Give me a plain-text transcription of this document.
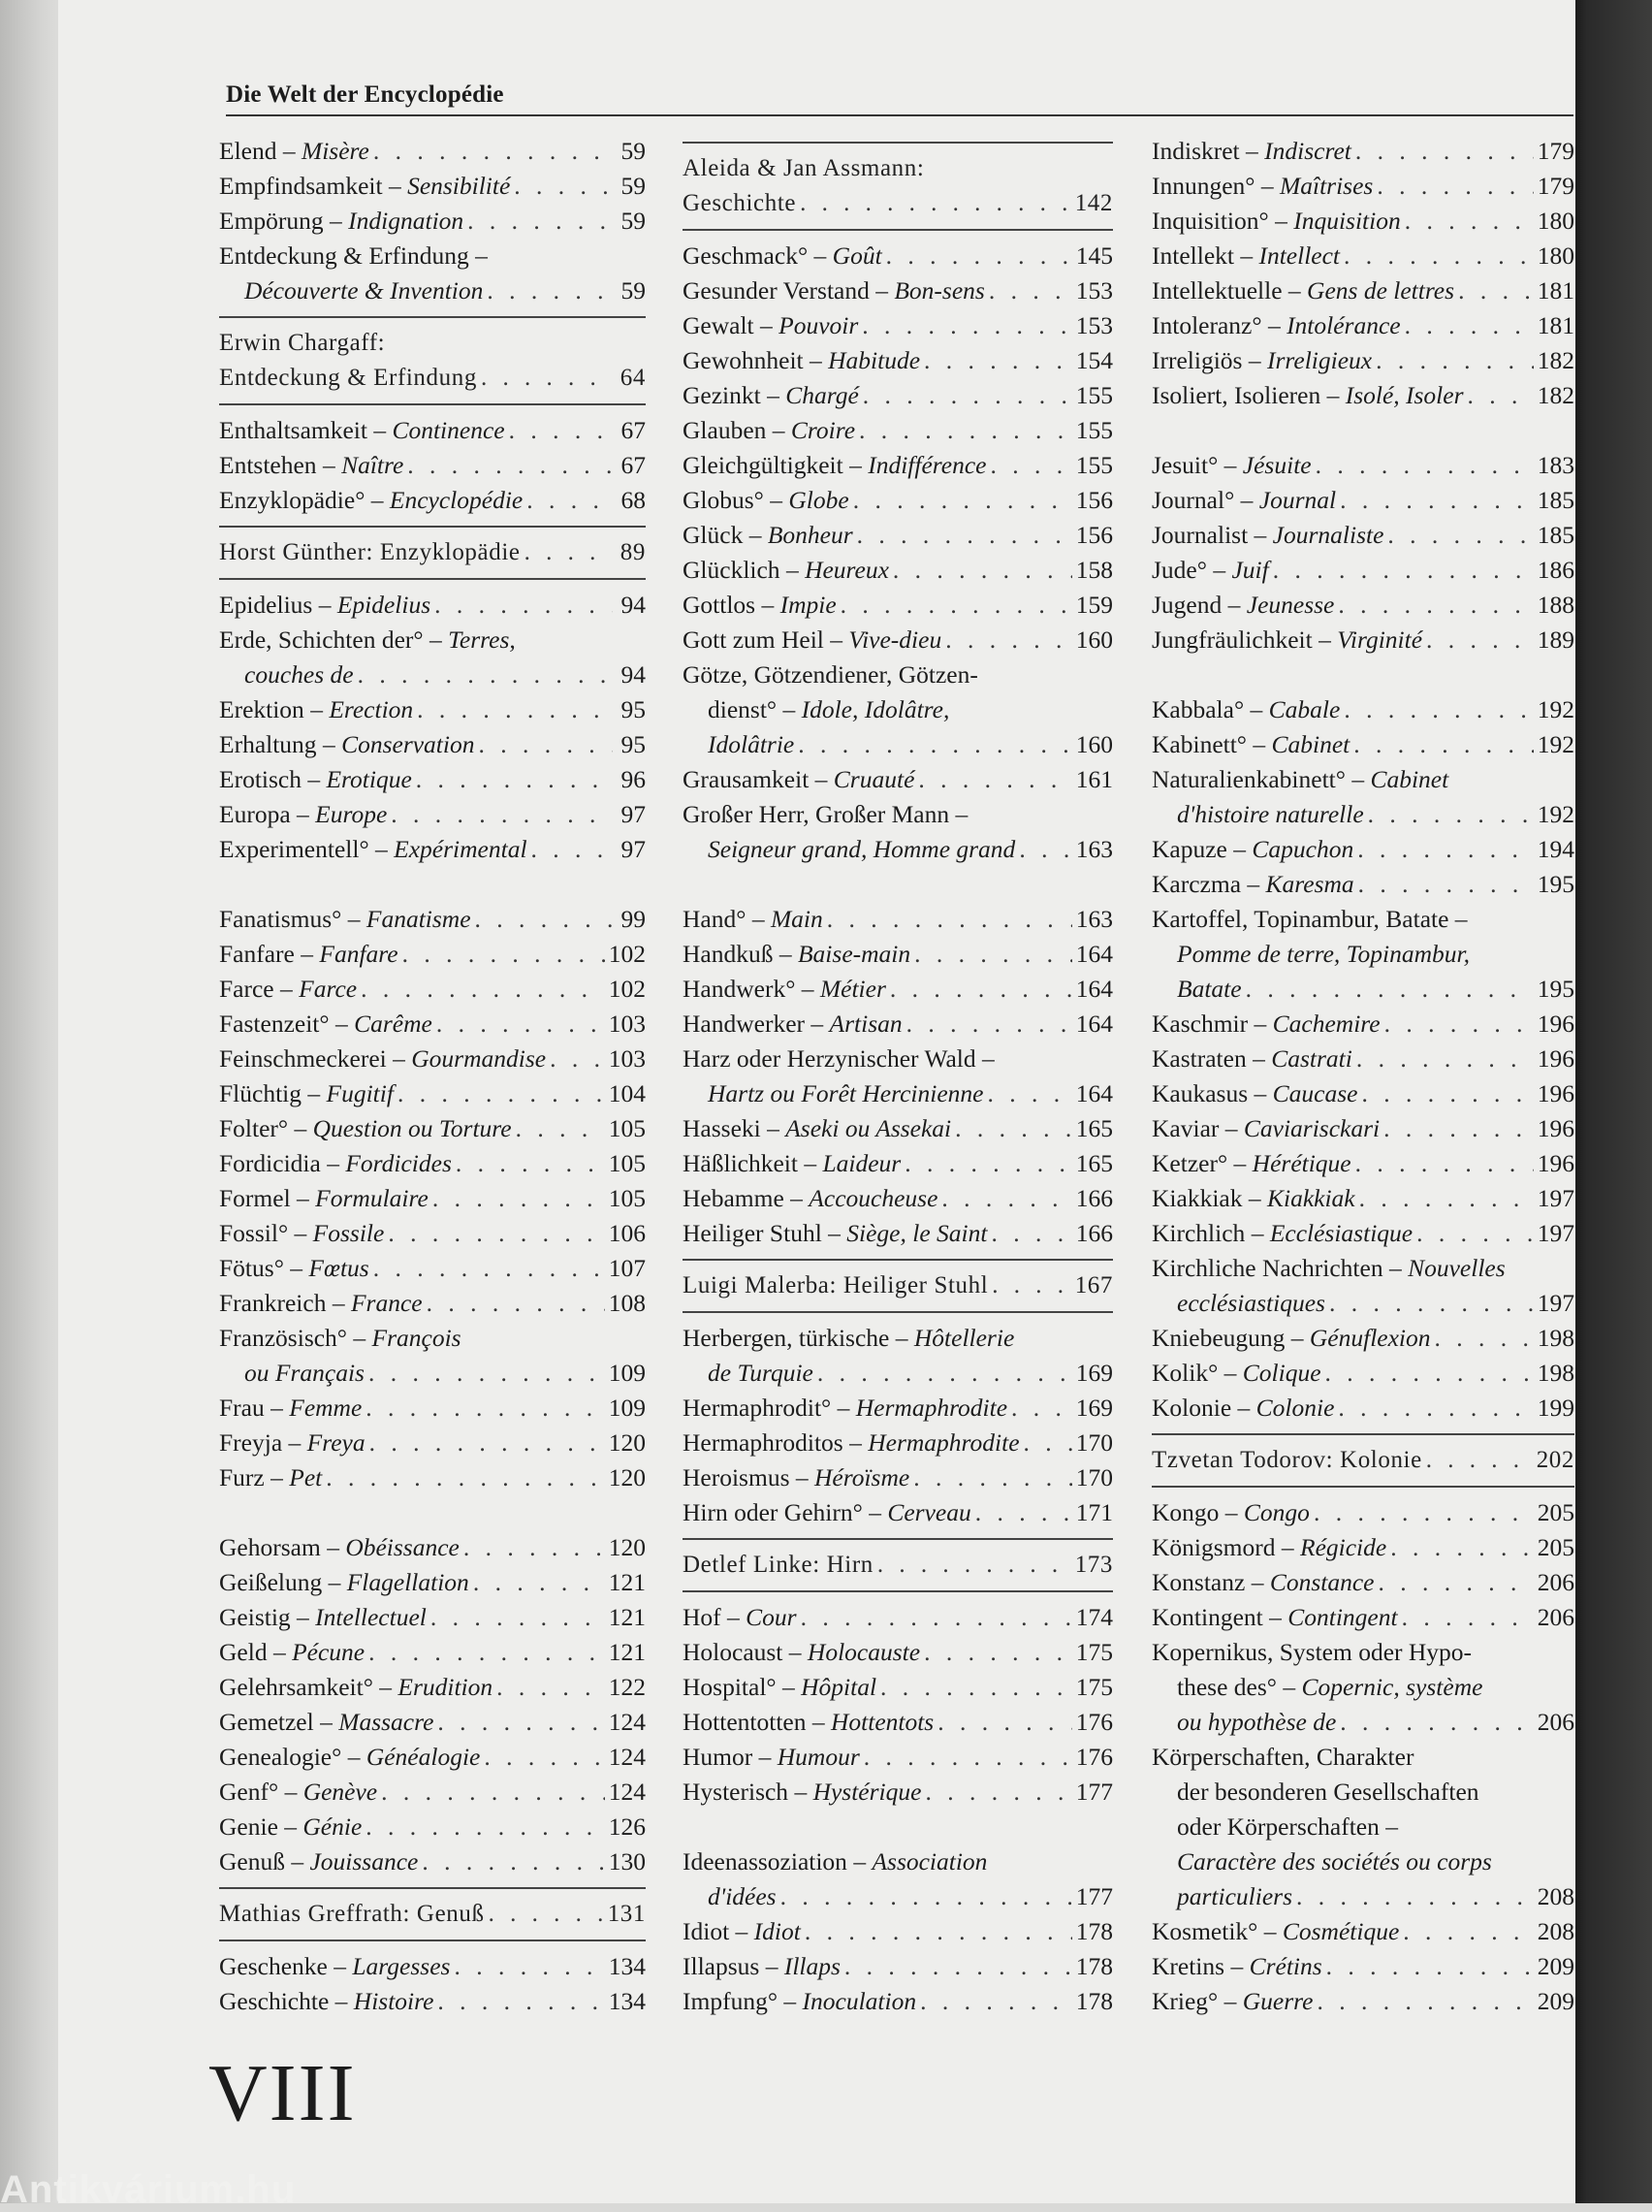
Die Welt der Encyclopédie
Elend – Misère . . .	59
Empfindsamkeit – Sensibilité . . .	59
Empörung – Indignation . . .	59
Entdeckung & Erfindung –
Découverte & Invention . . .	59
Erwin Chargaff:
Entdeckung & Erfindung . . .	64
Enthaltsamkeit – Continence . . .	67
Entstehen – Naître . . .	67
Enzyklopädie° – Encyclopédie . . .	68
Horst Günther: Enzyklopädie . . .	89
Epidelius – Epidelius . . .	94
Erde, Schichten der° – Terres,
couches de . . .	94
Erektion – Erection . . .	95
Erhaltung – Conservation . . .	95
Erotisch – Erotique . . .	96
Europa – Europe . . .	97
Experimentell° – Expérimental . . .	97
Fanatismus° – Fanatisme . . .	99
Fanfare – Fanfare . . .	102
Farce – Farce . . .	102
Fastenzeit° – Carême . . .	103
Feinschmeckerei – Gourmandise . . .	103
Flüchtig – Fugitif . . .	104
Folter° – Question ou Torture . . .	105
Fordicidia – Fordicides . . .	105
Formel – Formulaire . . .	105
Fossil° – Fossile . . .	106
Fötus° – Fœtus . . .	107
Frankreich – France . . .	108
Französisch° – François
ou Français . . .	109
Frau – Femme . . .	109
Freyja – Freya . . .	120
Furz – Pet . . .	120
Gehorsam – Obéissance . . .	120
Geißelung – Flagellation . . .	121
Geistig – Intellectuel . . .	121
Geld – Pécune . . .	121
Gelehrsamkeit° – Erudition . . .	122
Gemetzel – Massacre . . .	124
Genealogie° – Généalogie . . .	124
Genf° – Genève . . .	124
Genie – Génie . . .	126
Genuß – Jouissance . . .	130
Mathias Greffrath: Genuß . . .	131
Geschenke – Largesses . . .	134
Geschichte – Histoire . . .	134
Aleida & Jan Assmann:
Geschichte . . .	142
Geschmack° – Goût . . .	145
Gesunder Verstand – Bon-sens . . .	153
Gewalt – Pouvoir . . .	153
Gewohnheit – Habitude . . .	154
Gezinkt – Chargé . . .	155
Glauben – Croire . . .	155
Gleichgültigkeit – Indifférence . . .	155
Globus° – Globe . . .	156
Glück – Bonheur . . .	156
Glücklich – Heureux . . .	158
Gottlos – Impie . . .	159
Gott zum Heil – Vive-dieu . . .	160
Götze, Götzendiener, Götzen-
dienst° – Idole, Idolâtre,
Idolâtrie . . .	160
Grausamkeit – Cruauté . . .	161
Großer Herr, Großer Mann –
Seigneur grand, Homme grand . . . 163
Hand° – Main . . .	163
Handkuß – Baise-main . . .	164
Handwerk° – Métier . . .	164
Handwerker – Artisan . . .	164
Harz oder Herzynischer Wald –
Hartz ou Forêt Hercinienne . . .	164
Hasseki – Aseki ou Assekai . . .	165
Häßlichkeit – Laideur . . .	165
Hebamme – Accoucheuse . . .	166
Heiliger Stuhl – Siège, le Saint . . .	166
Luigi Malerba: Heiliger Stuhl . . .	167
Herbergen, türkische – Hôtellerie
de Turquie . . .	169
Hermaphrodit° – Hermaphrodite . . .	169
Hermaphroditos – Hermaphrodite . . . 170
Heroismus – Héroïsme . . .	170
Hirn oder Gehirn° – Cerveau . . .	171
Detlef Linke: Hirn . . .	173
Hof – Cour . . .	174
Holocaust – Holocauste . . .	175
Hospital° – Hôpital . . .	175
Hottentotten – Hottentots . . .	176
Humor – Humour . . .	176
Hysterisch – Hystérique . . .	177
Ideenassoziation – Association
d'idées . . .	177
Idiot – Idiot . . .	178
Illapsus – Illaps . . .	178
Impfung° – Inoculation . . .	178
Indiskret – Indiscret . . .	179
Innungen° – Maîtrises . . .	179
Inquisition° – Inquisition . . .	180
Intellekt – Intellect . . .	180
Intellektuelle – Gens de lettres . . .	181
Intoleranz° – Intolérance . . .	181
Irreligiös – Irreligieux . . .	182
Isoliert, Isolieren – Isolé, Isoler . . .	182
Jesuit° – Jésuite . . .	183
Journal° – Journal . . .	185
Journalist – Journaliste . . .	185
Jude° – Juif . . .	186
Jugend – Jeunesse . . .	188
Jungfräulichkeit – Virginité . . .	189
Kabbala° – Cabale . . .	192
Kabinett° – Cabinet . . .	192
Naturalienkabinett° – Cabinet
d'histoire naturelle . . .	192
Kapuze – Capuchon . . .	194
Karczma – Karesma . . .	195
Kartoffel, Topinambur, Batate –
Pomme de terre, Topinambur,
Batate . . .	195
Kaschmir – Cachemire . . .	196
Kastraten – Castrati . . .	196
Kaukasus – Caucase . . .	196
Kaviar – Caviarisckari . . .	196
Ketzer° – Hérétique . . .	196
Kiakkiak – Kiakkiak . . .	197
Kirchlich – Ecclésiastique . . .	197
Kirchliche Nachrichten – Nouvelles
ecclésiastiques . . .	197
Kniebeugung – Génuflexion . . .	198
Kolik° – Colique . . .	198
Kolonie – Colonie . . .	199
Tzvetan Todorov: Kolonie . . .	202
Kongo – Congo . . .	205
Königsmord – Régicide . . .	205
Konstanz – Constance . . .	206
Kontingent – Contingent . . .	206
Kopernikus, System oder Hypo-
these des° – Copernic, système
ou hypothèse de . . .	206
Körperschaften, Charakter
der besonderen Gesellschaften
oder Körperschaften –
Caractère des sociétés ou corps
particuliers . . .	208
Kosmetik° – Cosmétique . . .	208
Kretins – Crétins . . .	209
Krieg° – Guerre . . .	209
VIII
Antikvárium.hu
